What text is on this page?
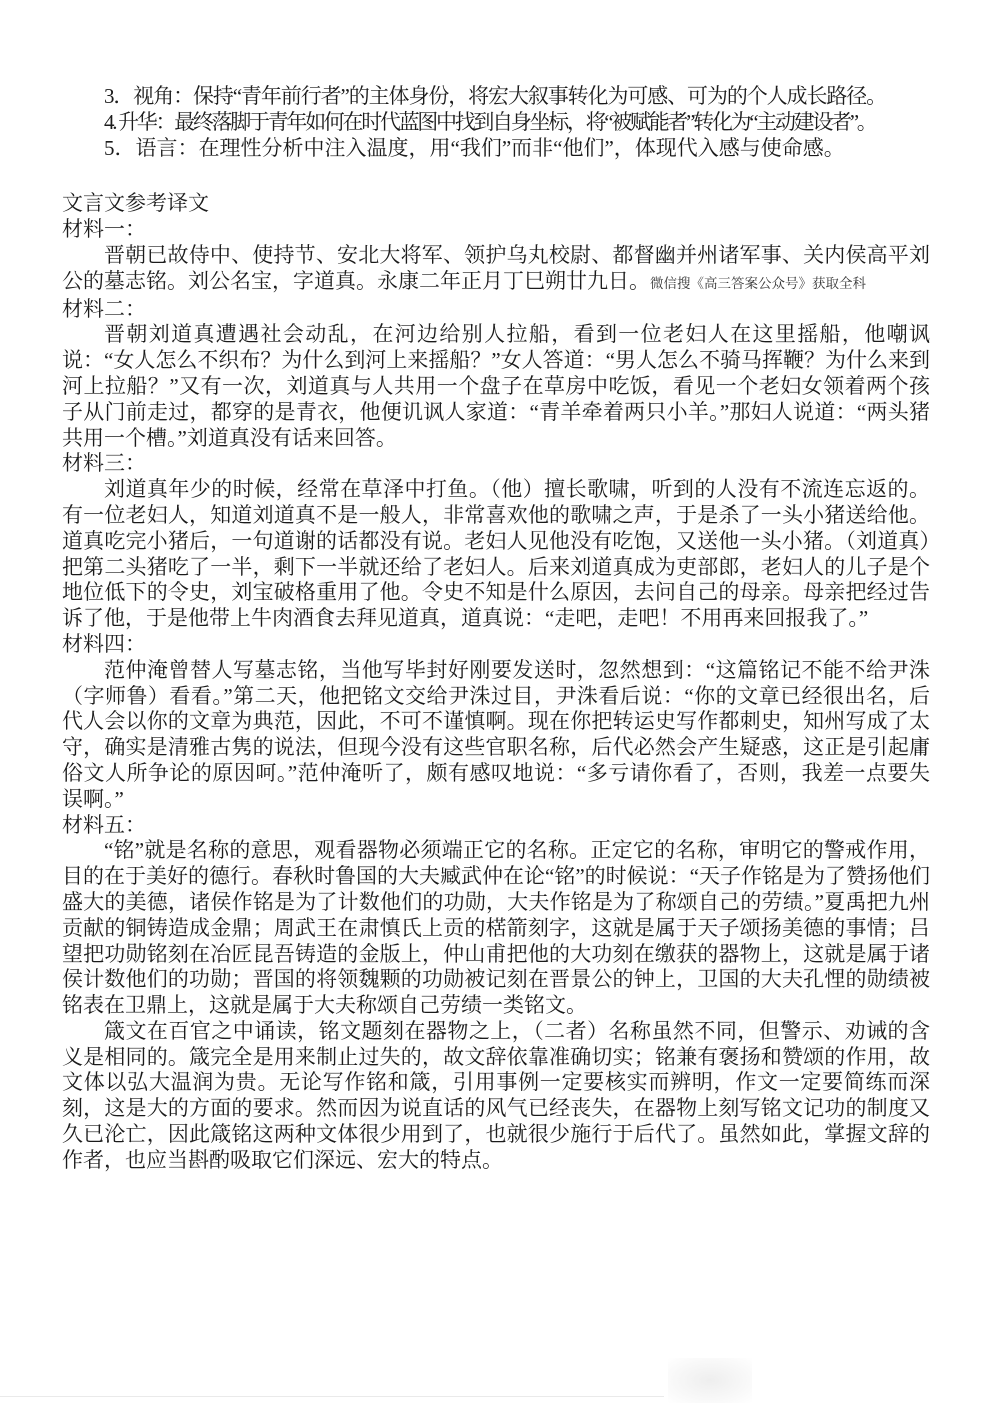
3．视角：保持“青年前行者”的主体身份，将宏大叙事转化为可感、可为的个人成长路径。

4. 升华：最终落脚于青年如何在时代蓝图中找到自身坐标，将“被赋能者”转化为“主动建设者”。

5．语言：在理性分析中注入温度，用“我们”而非“他们”，体现代入感与使命感。

文言文参考译文

材料一：

晋朝已故侍中、使持节、安北大将军、领护乌丸校尉、都督幽并州诸军事、关内侯高平刘公的墓志铭。刘公名宝，字道真。永康二年正月丁巳朔廿九日。微信搜《高三答案公众号》获取全科

材料二：

晋朝刘道真遭遇社会动乱，在河边给别人拉船，看到一位老妇人在这里摇船，他嘲讽说：“女人怎么不织布？为什么到河上来摇船？”女人答道：“男人怎么不骑马挥鞭？为什么来到河上拉船？”又有一次，刘道真与人共用一个盘子在草房中吃饭，看见一个老妇女领着两个孩子从门前走过，都穿的是青衣，他便讥讽人家道：“青羊牵着两只小羊。”那妇人说道：“两头猪共用一个槽。”刘道真没有话来回答。

材料三：

刘道真年少的时候，经常在草泽中打鱼。（他）擅长歌啸，听到的人没有不流连忘返的。有一位老妇人，知道刘道真不是一般人，非常喜欢他的歌啸之声，于是杀了一头小猪送给他。道真吃完小猪后，一句道谢的话都没有说。老妇人见他没有吃饱，又送他一头小猪。（刘道真）把第二头猪吃了一半，剩下一半就还给了老妇人。后来刘道真成为吏部郎，老妇人的儿子是个地位低下的令史，刘宝破格重用了他。令史不知是什么原因，去问自己的母亲。母亲把经过告诉了他，于是他带上牛肉酒食去拜见道真，道真说：“走吧，走吧！不用再来回报我了。”

材料四：

范仲淹曾替人写墓志铭，当他写毕封好刚要发送时，忽然想到：“这篇铭记不能不给尹洙（字师鲁）看看。”第二天，他把铭文交给尹洙过目，尹洙看后说：“你的文章已经很出名，后代人会以你的文章为典范，因此，不可不谨慎啊。现在你把转运史写作都刺史，知州写成了太守，确实是清雅古隽的说法，但现今没有这些官职名称，后代必然会产生疑惑，这正是引起庸俗文人所争论的原因呵。”范仲淹听了，颇有感叹地说：“多亏请你看了，否则，我差一点要失误啊。”

材料五：

“铭”就是名称的意思，观看器物必须端正它的名称。正定它的名称，审明它的警戒作用，目的在于美好的德行。春秋时鲁国的大夫臧武仲在论“铭”的时候说：“天子作铭是为了赞扬他们盛大的美德，诸侯作铭是为了计数他们的功勋，大夫作铭是为了称颂自己的劳绩。”夏禹把九州贡献的铜铸造成金鼎；周武王在肃慎氏上贡的楛箭刻字，这就是属于天子颂扬美德的事情；吕望把功勋铭刻在冶匠昆吾铸造的金版上，仲山甫把他的大功刻在缴获的器物上，这就是属于诸侯计数他们的功勋；晋国的将领魏颗的功勋被记刻在晋景公的钟上，卫国的大夫孔悝的勋绩被铭表在卫鼎上，这就是属于大夫称颂自己劳绩一类铭文。

箴文在百官之中诵读，铭文题刻在器物之上，（二者）名称虽然不同，但警示、劝诫的含义是相同的。箴完全是用来制止过失的，故文辞依靠准确切实；铭兼有褒扬和赞颂的作用，故文体以弘大温润为贵。无论写作铭和箴，引用事例一定要核实而辨明，作文一定要简练而深刻，这是大的方面的要求。然而因为说直话的风气已经丧失，在器物上刻写铭文记功的制度又久已沦亡，因此箴铭这两种文体很少用到了，也就很少施行于后代了。虽然如此，掌握文辞的作者，也应当斟酌吸取它们深远、宏大的特点。
